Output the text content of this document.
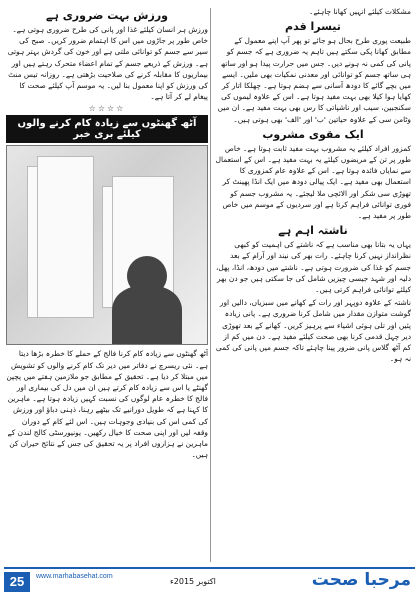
مشکلات کیلئے انہیں کھانا چاہئے۔

تیسرا قدم

طبیعت پوری طرح بحال ہو جائے تو پھر آپ اپنے معمول کے مطابق کھانا پکی سکتے ہیں تاہم یہ ضروری ہے کہ جسم کو پانی کی کمی نہ ہونے دیں۔ جس میں حرارت پیدا ہو اور ساتھ ہی ساتھ جسم کو توانائی اور معدنی نمکیات بھی ملیں۔ ایسے میں بچے گائے کا دودھ آسانی سے ہضم ہوتا ہے۔ چھلکا اتار کر کھایا ہوا کیلا بھی بہت مفید ہوتا ہے۔ اس کے علاوہ لیموں کی سکنجبین، سیب اور ناشپاتی کا رس بھی بہت مفید ہے۔ ان میں وٹامن سی کے علاوہ حیاتین 'ب' اور 'الف' بھی ہوتی ہیں۔

ایک مقوی مشروب

کمزور افراد کیلئے یہ مشروب بہت مفید ثابت ہوتا ہے۔ خاص طور پر تن کے مریضوں کیلئے یہ بہت مفید ہے۔ اس کے استعمال سے نمایاں فائدہ ہوتا ہے۔ اس کے علاوہ عام کمزوری کا استعمال بھی مفید ہے۔ ایک پیالی دودھ میں ایک انڈا پھینٹ کر تھوڑی سی شکر اور الائچی ملا لیجئے۔ یہ مشروب جسم کو فوری توانائی فراہم کرتا ہے اور سردیوں کے موسم میں خاص طور پر مفید ہے۔

ناشتہ اہم ہے

یہاں یہ بتانا بھی مناسب ہے کہ ناشتے کی اہمیت کو کبھی نظرانداز نہیں کرنا چاہئے۔ رات بھر کی نیند اور آرام کے بعد جسم کو غذا کی ضرورت ہوتی ہے۔ ناشتے میں دودھ، انڈا، پھل، دلیہ اور شہد جیسی چیزیں شامل کی جا سکتی ہیں جو دن بھر کیلئے توانائی فراہم کرتی ہیں۔

ناشتہ کے علاوہ دوپہر اور رات کے کھانے میں سبزیاں، دالیں اور گوشت متوازن مقدار میں شامل کرنا ضروری ہے۔ پانی زیادہ پئیں اور تلی ہوئی اشیاء سے پرہیز کریں۔ کھانے کے بعد تھوڑی دیر چہل قدمی کرنا بھی صحت کیلئے مفید ہے۔ دن میں کم از کم آٹھ گلاس پانی ضرور پینا چاہئے تاکہ جسم میں پانی کی کمی نہ ہو۔

ورزش بہت ضروری ہے

ورزش ہر انسان کیلئے غذا اور پانی کی طرح ضروری ہوتی ہے۔ خاص طور پر جاڑوں میں اس کا اہتمام ضرور کریں۔ صبح کی سیر سے جسم کو توانائی ملتی ہے اور خون کی گردش بہتر ہوتی ہے۔ ورزش کے ذریعے جسم کے تمام اعضاء متحرک رہتے ہیں اور بیماریوں کا مقابلہ کرنے کی صلاحیت بڑھتی ہے۔ روزانہ تیس منٹ کی ورزش کو اپنا معمول بنا لیں۔ یہ موسم آپ کیلئے صحت کا پیغام لے کر آتا ہے۔

☆☆☆☆
آٹھ گھنٹوں سے زیادہ کام کرنے والوں کیلئے بری خبر

آٹھ گھنٹوں سے زیادہ کام کرنا فالج کے حملے کا خطرہ بڑھا دیتا ہے۔ نئی ریسرچ نے دفاتر میں دیر تک کام کرنے والوں کو تشویش میں مبتلا کر دیا ہے۔ تحقیق کے مطابق جو ملازمین ہفتے میں پچپن گھنٹے یا اس سے زیادہ کام کرتے ہیں ان میں دل کی بیماری اور فالج کا خطرہ عام لوگوں کی نسبت کہیں زیادہ ہوتا ہے۔ ماہرین کا کہنا ہے کہ طویل دورانیے تک بیٹھے رہنا، ذہنی دباؤ اور ورزش کی کمی اس کی بنیادی وجوہات ہیں۔ اس لئے کام کے دوران وقفہ لیں اور اپنی صحت کا خیال رکھیں۔ یونیورسٹی کالج لندن کے ماہرین نے ہزاروں افراد پر یہ تحقیق کی جس کے نتائج حیران کن ہیں۔

25	www.marhabasehat.com
اکتوبر 2015ء	مرحبا صحت
